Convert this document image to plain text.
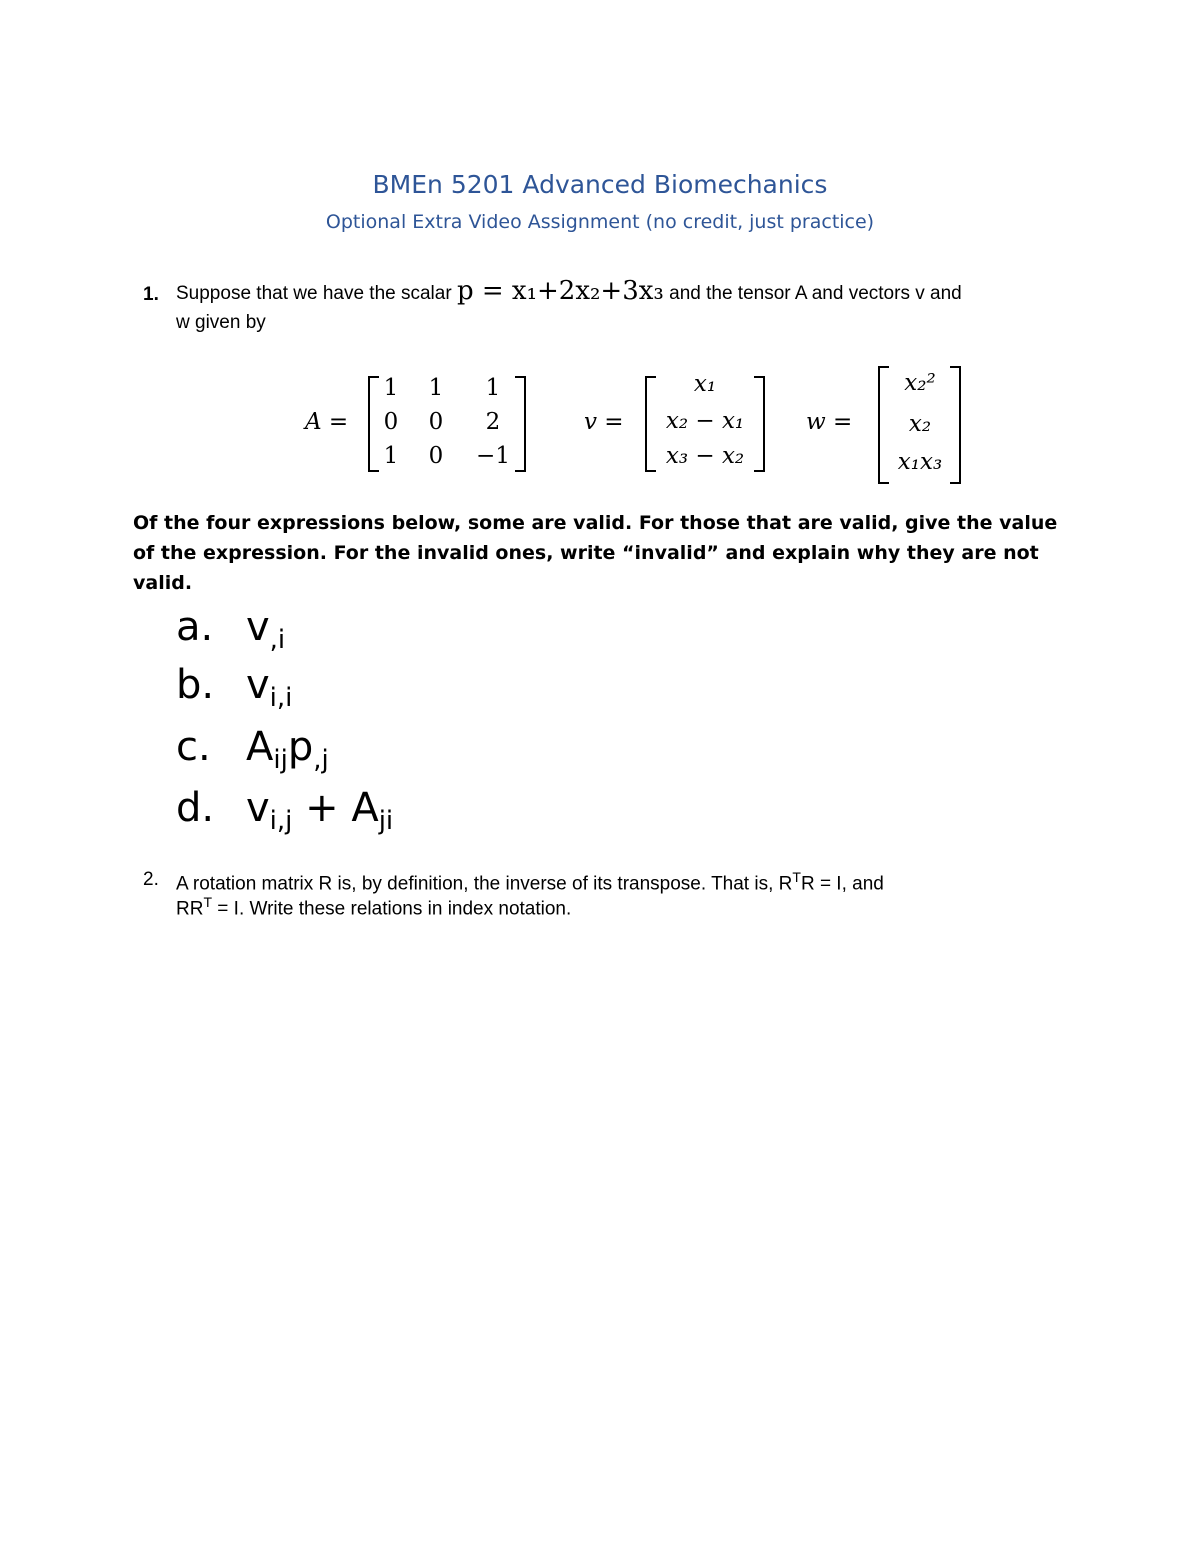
BMEn 5201 Advanced Biomechanics
Optional Extra Video Assignment (no credit, just practice)
1. Suppose that we have the scalar p = x₁+2x₂+3x₃ and the tensor A and vectors v and
w given by
A =
1	1	1
0	0	2
1	0	−1
v =
x₁
x₂ − x₁
x₃ − x₂
w =
x₂²
x₂
x₁x₃
Of the four expressions below, some are valid. For those that are valid, give the value of the expression. For the invalid ones, write “invalid” and explain why they are not valid.
a. $v_{,i}$
b. $v_{i,i}$
c. $A_{ij}p_{,j}$
d. $v_{i,j} + A_{ji}$
2. A rotation matrix R is, by definition, the inverse of its transpose. That is, $R^TR = I$, and
$RR^T = I$. Write these relations in index notation.
